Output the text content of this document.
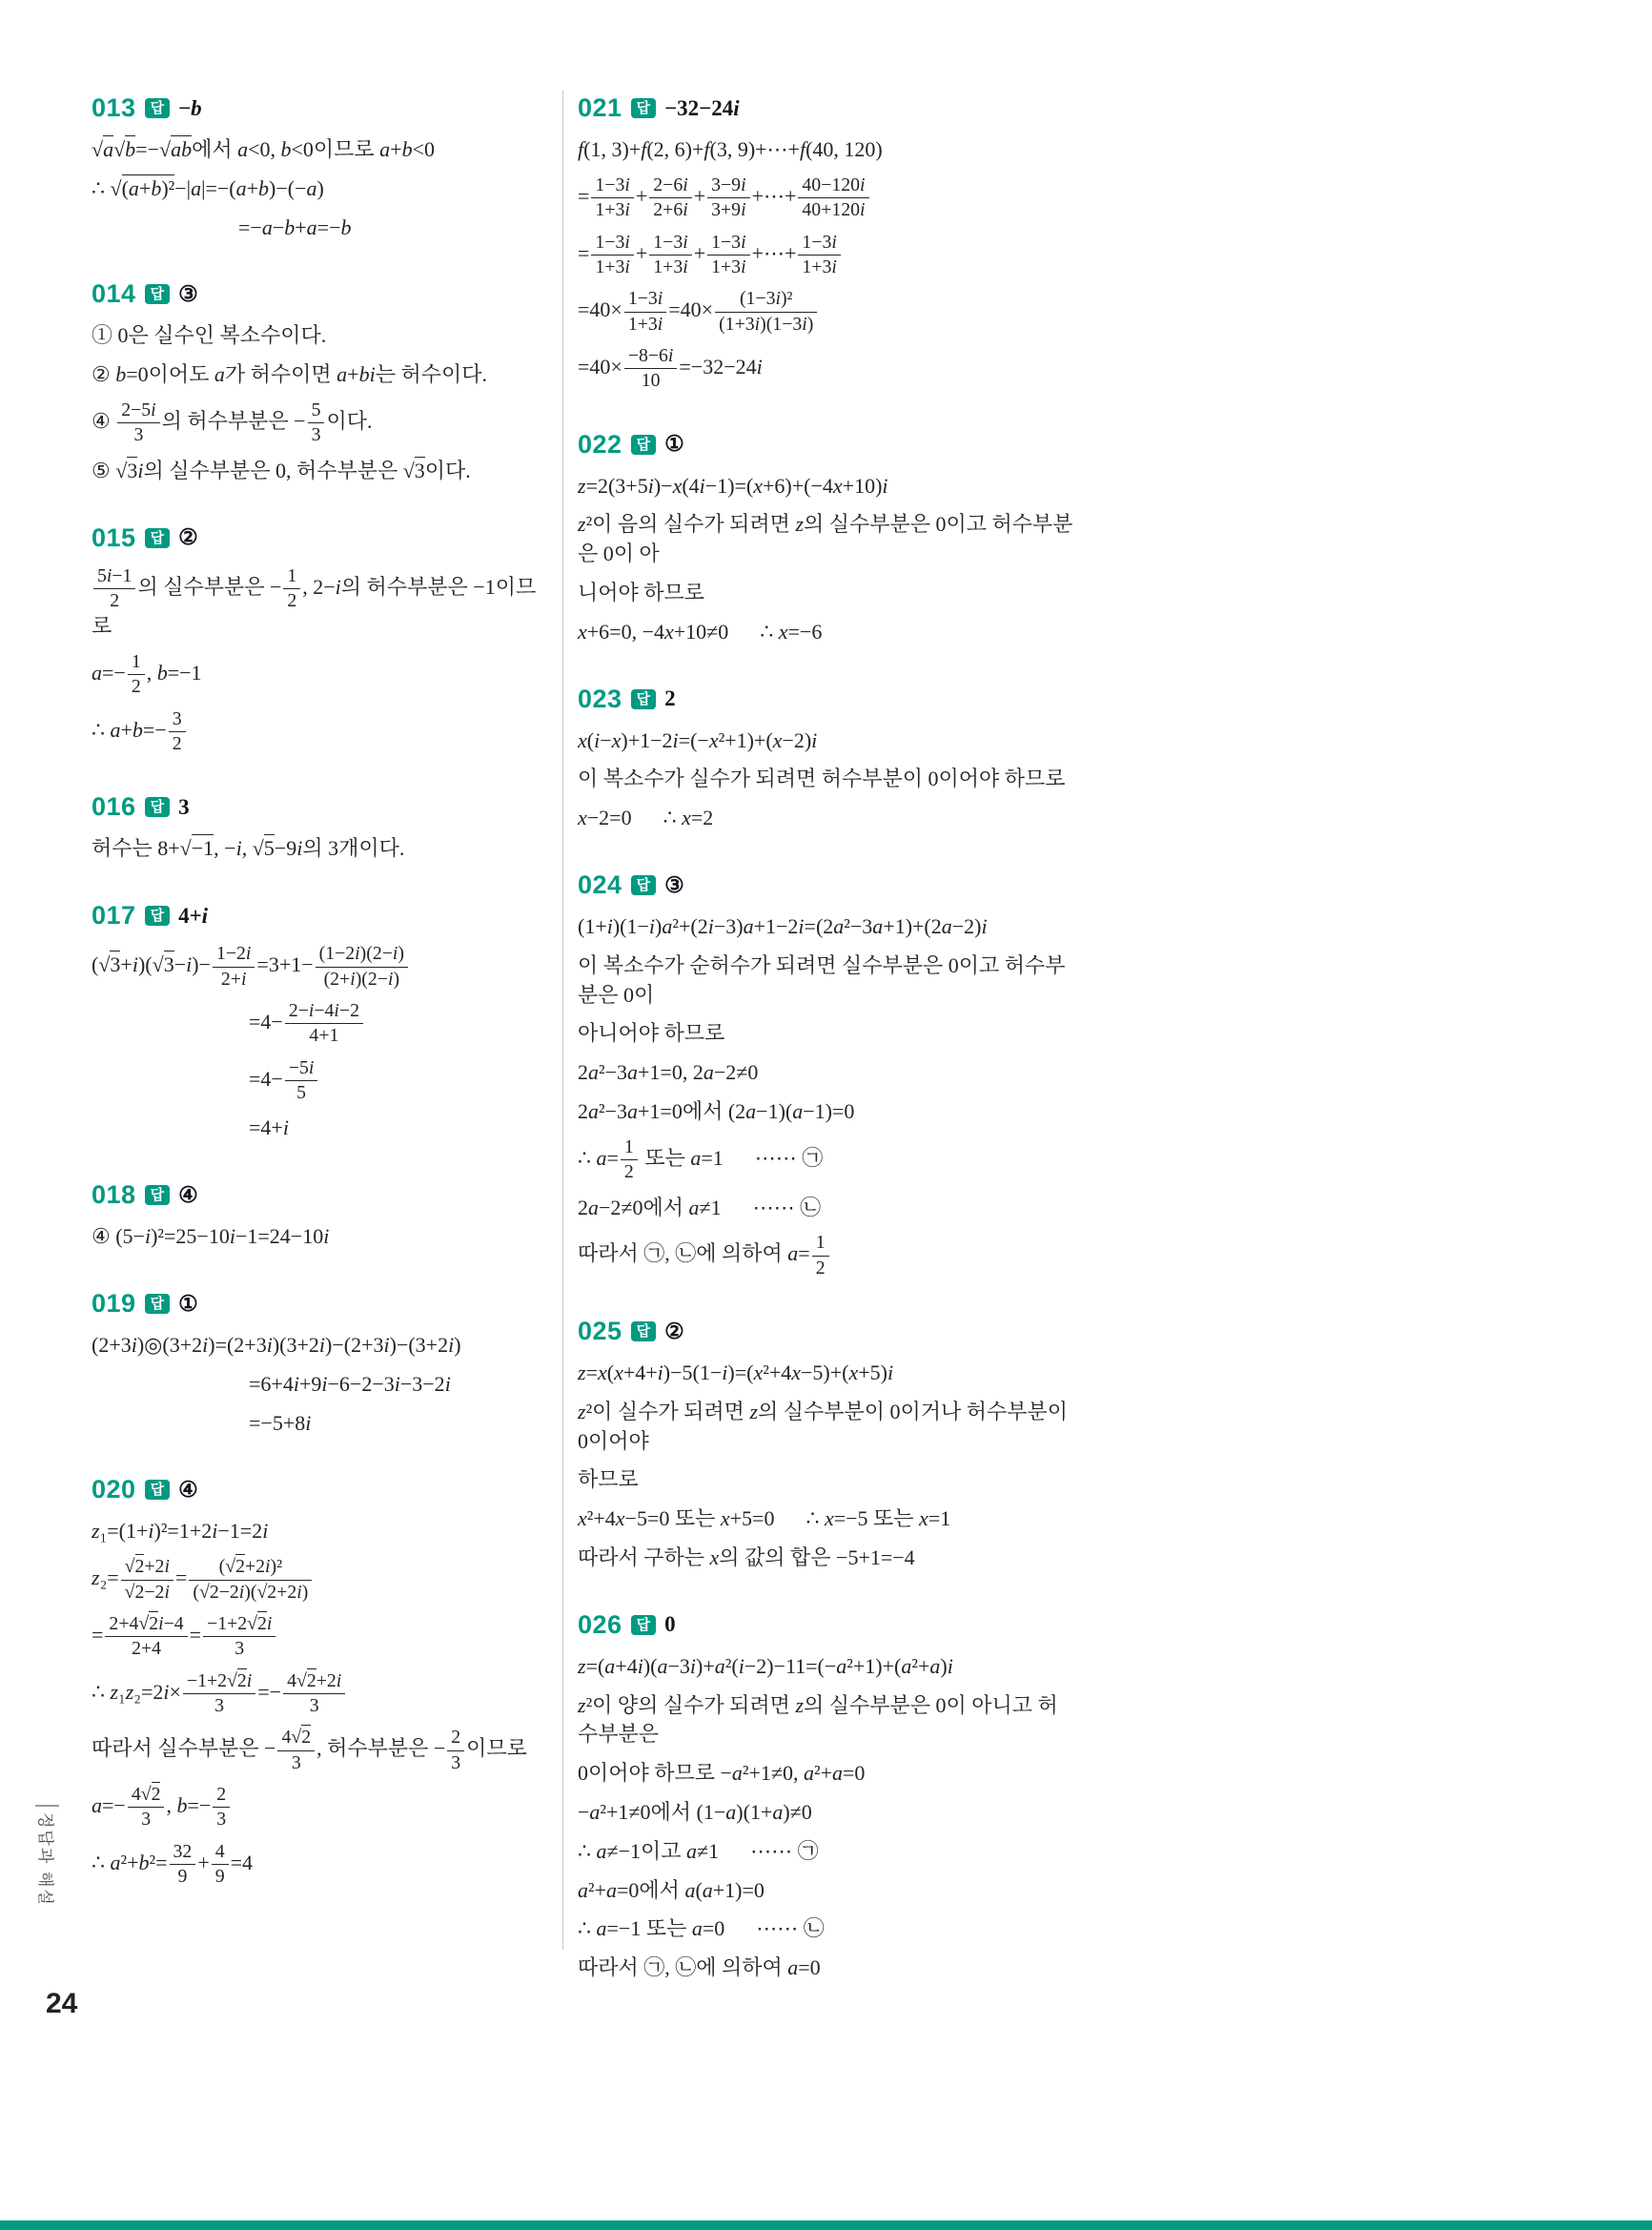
013	답 −b
√a√b=−√ab에서 a<0, b<0이므로 a+b<0
∴ √(a+b)²−|a|=−(a+b)−(−a)
=−a−b+a=−b
014	답 ③
① 0은 실수인 복소수이다.
② b=0이어도 a가 허수이면 a+bi는 허수이다.
④ $\frac{2-5i}{3}$ 의 허수부분은 − $\frac{5}{3}$ 이다.
⑤ √3i의 실수부분은 0, 허수부분은 √3이다.
015	답 ②
$\frac{5i-1}{2}$ 의 실수부분은 − $\frac{1}{2}$ , 2−i의 허수부분은 −1이므로
$a=- \frac{1}{2}$ , b=−1
∴ $a+b=- \frac{3}{2}$
016	답 3
허수는 8+√−1, −i, √5−9i의 3개이다.
017	답 4+i
$(√3+i)(√3-i)- \frac{1-2i}{2+i} =3+1- \frac{(1-2i)(2-i)}{(2+i)(2-i)}$
$=4- \frac{2-i-4i-2}{4+1}$
$=4- \frac{-5i}{5}$
=4+i
018	답 ④
④ (5−i)²=25−10i−1=24−10i
019	답 ①
(2+3i)◎(3+2i)=(2+3i)(3+2i)−(2+3i)−(3+2i)
=6+4i+9i−6−2−3i−3−2i
=−5+8i
020	답 ④
z₁=(1+i)²=1+2i−1=2i
$z_2= \frac{√2+2i}{√2-2i} = \frac{\text{(√2+2i)²}}{(√2-2i)(√2+2i)}$
= $\frac{2+4√2i-4}{2+4} = \frac{-1+2√2i}{3}$
∴ $z_1z_2=2i\times \frac{-1+2√2i}{3} =- \frac{4√2+2i}{3}$
따라서 실수부분은 − $\frac{4√2}{3}$ , 허수부분은 − $\frac{2}{3}$ 이므로
$a=- \frac{4√2}{3}$ , $b=- \frac{2}{3}$
∴ $a^2+b^2= \frac{32}{9} + \frac{4}{9} =4$
021	답 −32−24i
f(1, 3)+f(2, 6)+f(3, 9)+⋯+f(40, 120)
= $\frac{1-3i}{1+3i} + \frac{2-6i}{2+6i} + \frac{3-9i}{3+9i}$ +⋯+ $\frac{40-120i}{40+120i}$
= $\frac{1-3i}{1+3i} + \frac{1-3i}{1+3i} + \frac{1-3i}{1+3i}$ +⋯+ $\frac{1-3i}{1+3i}$
$=40\times \frac{1-3i}{1+3i} =40\times \frac{\text{(1−3i)²}}{(1+3i)(1-3i)}$
$=40\times \frac{-8-6i}{10} =-32-24i$
022	답 ①
z=2(3+5i)−x(4i−1)=(x+6)+(−4x+10)i
z²이 음의 실수가 되려면 z의 실수부분은 0이고 허수부분은 0이 아
니어야 하므로
x+6=0, −4x+10≠0      ∴ x=−6
023	답 2
x(i−x)+1−2i=(−x²+1)+(x−2)i
이 복소수가 실수가 되려면 허수부분이 0이어야 하므로
x−2=0      ∴ x=2
024	답 ③
(1+i)(1−i)a²+(2i−3)a+1−2i=(2a²−3a+1)+(2a−2)i
이 복소수가 순허수가 되려면 실수부분은 0이고 허수부분은 0이
아니어야 하므로
2a²−3a+1=0, 2a−2≠0
2a²−3a+1=0에서 (2a−1)(a−1)=0
∴ $a= \frac{1}{2}$ 또는 a=1      ⋯⋯ ㉠
2a−2≠0에서 a≠1      ⋯⋯ ㉡
따라서 ㉠, ㉡에 의하여 $a= \frac{1}{2}$
025	답 ②
z=x(x+4+i)−5(1−i)=(x²+4x−5)+(x+5)i
z²이 실수가 되려면 z의 실수부분이 0이거나 허수부분이 0이어야
하므로
x²+4x−5=0 또는 x+5=0      ∴ x=−5 또는 x=1
따라서 구하는 x의 값의 합은 −5+1=−4
026	답 0
z=(a+4i)(a−3i)+a²(i−2)−11=(−a²+1)+(a²+a)i
z²이 양의 실수가 되려면 z의 실수부분은 0이 아니고 허수부분은
0이어야 하므로 −a²+1≠0, a²+a=0
−a²+1≠0에서 (1−a)(1+a)≠0
∴ a≠−1이고 a≠1      ⋯⋯ ㉠
a²+a=0에서 a(a+1)=0
∴ a=−1 또는 a=0      ⋯⋯ ㉡
따라서 ㉠, ㉡에 의하여 a=0
정답과 해설
24
